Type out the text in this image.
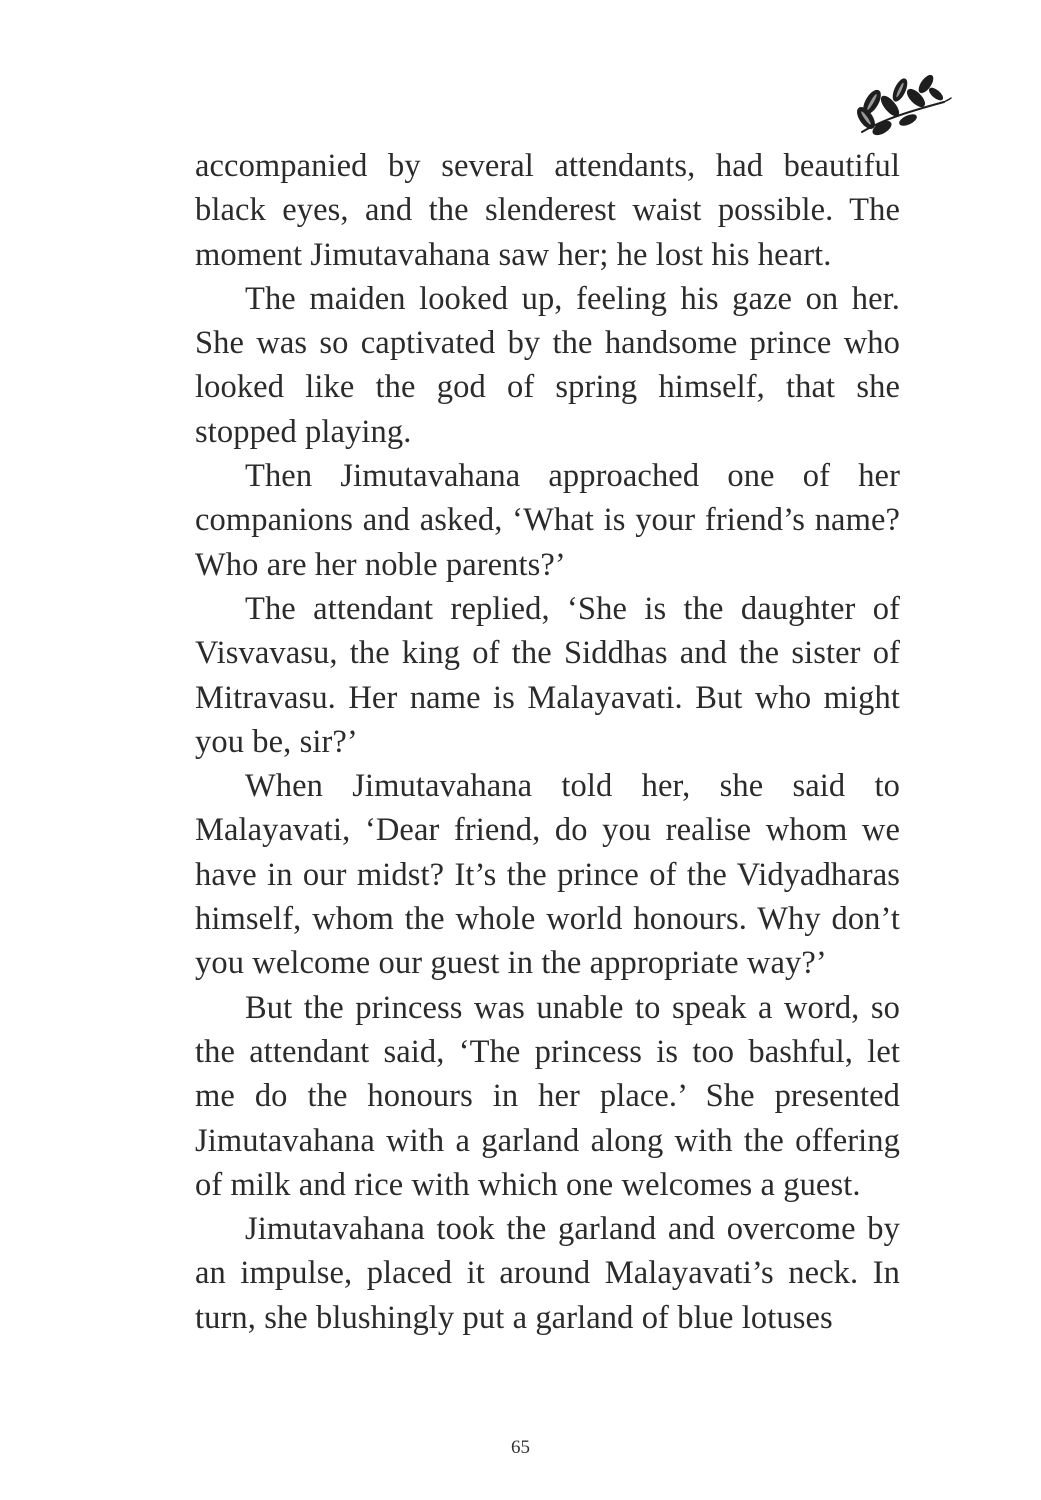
accompanied by several attendants, had beautiful black eyes, and the slenderest waist possible. The moment Jimutavahana saw her; he lost his heart.

The maiden looked up, feeling his gaze on her. She was so captivated by the handsome prince who looked like the god of spring himself, that she stopped playing.

Then Jimutavahana approached one of her companions and asked, ‘What is your friend’s name? Who are her noble parents?’

The attendant replied, ‘She is the daughter of Visvavasu, the king of the Siddhas and the sister of Mitravasu. Her name is Malayavati. But who might you be, sir?’

When Jimutavahana told her, she said to Malayavati, ‘Dear friend, do you realise whom we have in our midst? It’s the prince of the Vidyadharas himself, whom the whole world honours. Why don’t you welcome our guest in the appropriate way?’

But the princess was unable to speak a word, so the attendant said, ‘The princess is too bashful, let me do the honours in her place.’ She presented Jimutavahana with a garland along with the offering of milk and rice with which one welcomes a guest.

Jimutavahana took the garland and overcome by an impulse, placed it around Malayavati’s neck. In turn, she blushingly put a garland of blue lotuses

65
